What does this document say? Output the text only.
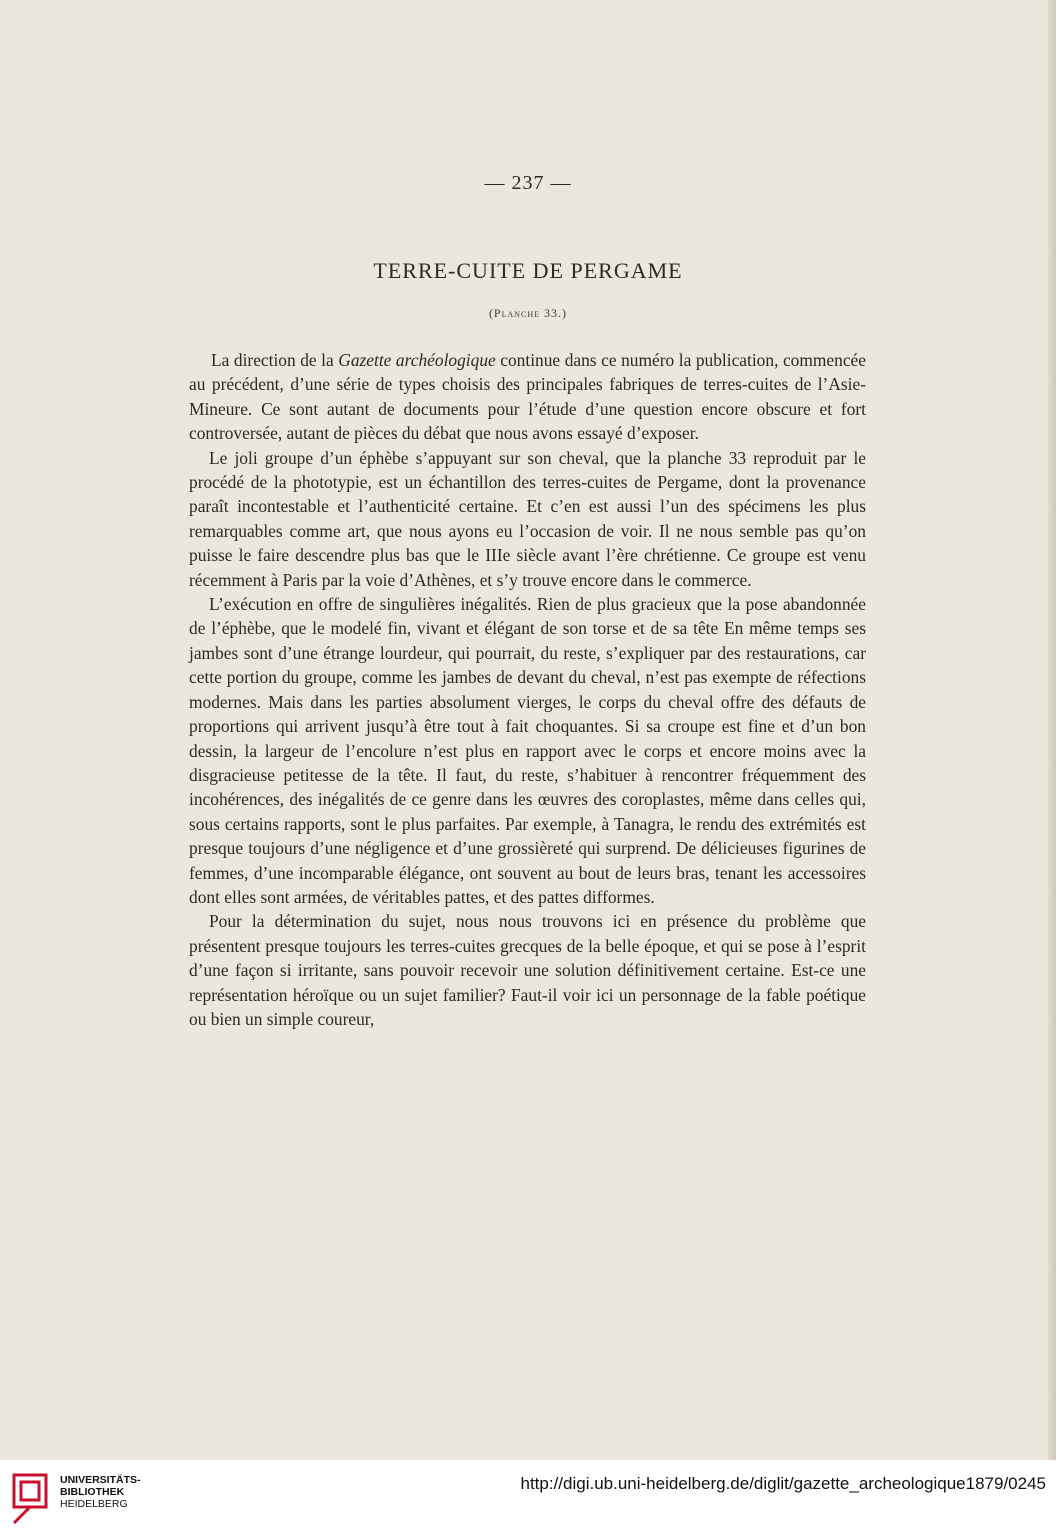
— 237 —
TERRE-CUITE DE PERGAME
(Planche 33.)

La direction de la Gazette archéologique continue dans ce numéro la publication, commencée au précédent, d’une série de types choisis des principales fabriques de terres-cuites de l’Asie-Mineure. Ce sont autant de documents pour l’étude d’une question encore obscure et fort controversée, autant de pièces du débat que nous avons essayé d’exposer.

Le joli groupe d’un éphèbe s’appuyant sur son cheval, que la planche 33 reproduit par le procédé de la phototypie, est un échantillon des terres-cuites de Pergame, dont la provenance paraît incontestable et l’authenticité certaine. Et c’en est aussi l’un des spécimens les plus remarquables comme art, que nous ayons eu l’occasion de voir. Il ne nous semble pas qu’on puisse le faire descendre plus bas que le IIIe siècle avant l’ère chrétienne. Ce groupe est venu récemment à Paris par la voie d’Athènes, et s’y trouve encore dans le commerce.

L’exécution en offre de singulières inégalités. Rien de plus gracieux que la pose abandonnée de l’éphèbe, que le modelé fin, vivant et élégant de son torse et de sa tête En même temps ses jambes sont d’une étrange lourdeur, qui pourrait, du reste, s’expliquer par des restaurations, car cette portion du groupe, comme les jambes de devant du cheval, n’est pas exempte de réfections modernes. Mais dans les parties absolument vierges, le corps du cheval offre des défauts de proportions qui arrivent jusqu’à être tout à fait choquantes. Si sa croupe est fine et d’un bon dessin, la largeur de l’encolure n’est plus en rapport avec le corps et encore moins avec la disgracieuse petitesse de la tête. Il faut, du reste, s’habituer à rencontrer fréquemment des incohérences, des inégalités de ce genre dans les œuvres des coroplastes, même dans celles qui, sous certains rapports, sont le plus parfaites. Par exemple, à Tanagra, le rendu des extrémités est presque toujours d’une négligence et d’une grossièreté qui surprend. De délicieuses figurines de femmes, d’une incomparable élégance, ont souvent au bout de leurs bras, tenant les accessoires dont elles sont armées, de véritables pattes, et des pattes difformes.

Pour la détermination du sujet, nous nous trouvons ici en présence du problème que présentent presque toujours les terres-cuites grecques de la belle époque, et qui se pose à l’esprit d’une façon si irritante, sans pouvoir recevoir une solution définitivement certaine. Est-ce une représentation héroïque ou un sujet familier? Faut-il voir ici un personnage de la fable poétique ou bien un simple coureur,

UNIVERSITÄTS-
BIBLIOTHEK
HEIDELBERG
http://digi.ub.uni-heidelberg.de/diglit/gazette_archeologique1879/0245
